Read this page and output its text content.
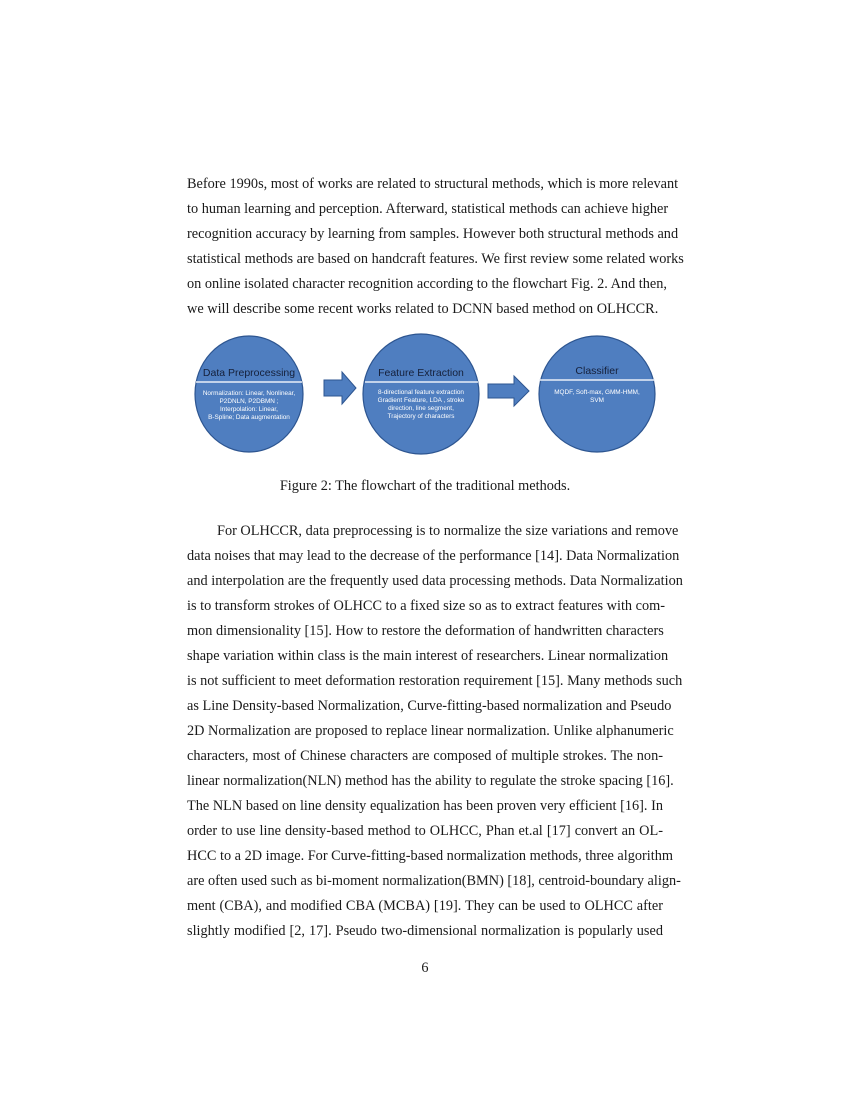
Before 1990s, most of works are related to structural methods, which is more relevant
to human learning and perception. Afterward, statistical methods can achieve higher
recognition accuracy by learning from samples. However both structural methods and
statistical methods are based on handcraft features. We first review some related works
on online isolated character recognition according to the flowchart Fig. 2. And then,
we will describe some recent works related to DCNN based method on OLHCCR.
Data Preprocessing
Normalization: Linear, Nonlinear,
P2DNLN, P2DBMN ;
Interpolation: Linear,
B-Spline; Data augmentation
Feature Extraction
8-directional feature extraction
Gradient Feature, LDA , stroke
direction, line segment,
Trajectory of characters
Classifier
MQDF, Soft-max, GMM-HMM,
SVM
Figure 2: The flowchart of the traditional methods.
For OLHCCR, data preprocessing is to normalize the size variations and remove
data noises that may lead to the decrease of the performance [14]. Data Normalization
and interpolation are the frequently used data processing methods. Data Normalization
is to transform strokes of OLHCC to a fixed size so as to extract features with com-
mon dimensionality [15]. How to restore the deformation of handwritten characters
shape variation within class is the main interest of researchers. Linear normalization
is not sufficient to meet deformation restoration requirement [15]. Many methods such
as Line Density-based Normalization, Curve-fitting-based normalization and Pseudo
2D Normalization are proposed to replace linear normalization. Unlike alphanumeric
characters, most of Chinese characters are composed of multiple strokes. The non-
linear normalization(NLN) method has the ability to regulate the stroke spacing [16].
The NLN based on line density equalization has been proven very efficient [16]. In
order to use line density-based method to OLHCC, Phan et.al [17] convert an OL-
HCC to a 2D image. For Curve-fitting-based normalization methods, three algorithm
are often used such as bi-moment normalization(BMN) [18], centroid-boundary align-
ment (CBA), and modified CBA (MCBA) [19]. They can be used to OLHCC after
slightly modified [2, 17]. Pseudo two-dimensional normalization is popularly used
6
